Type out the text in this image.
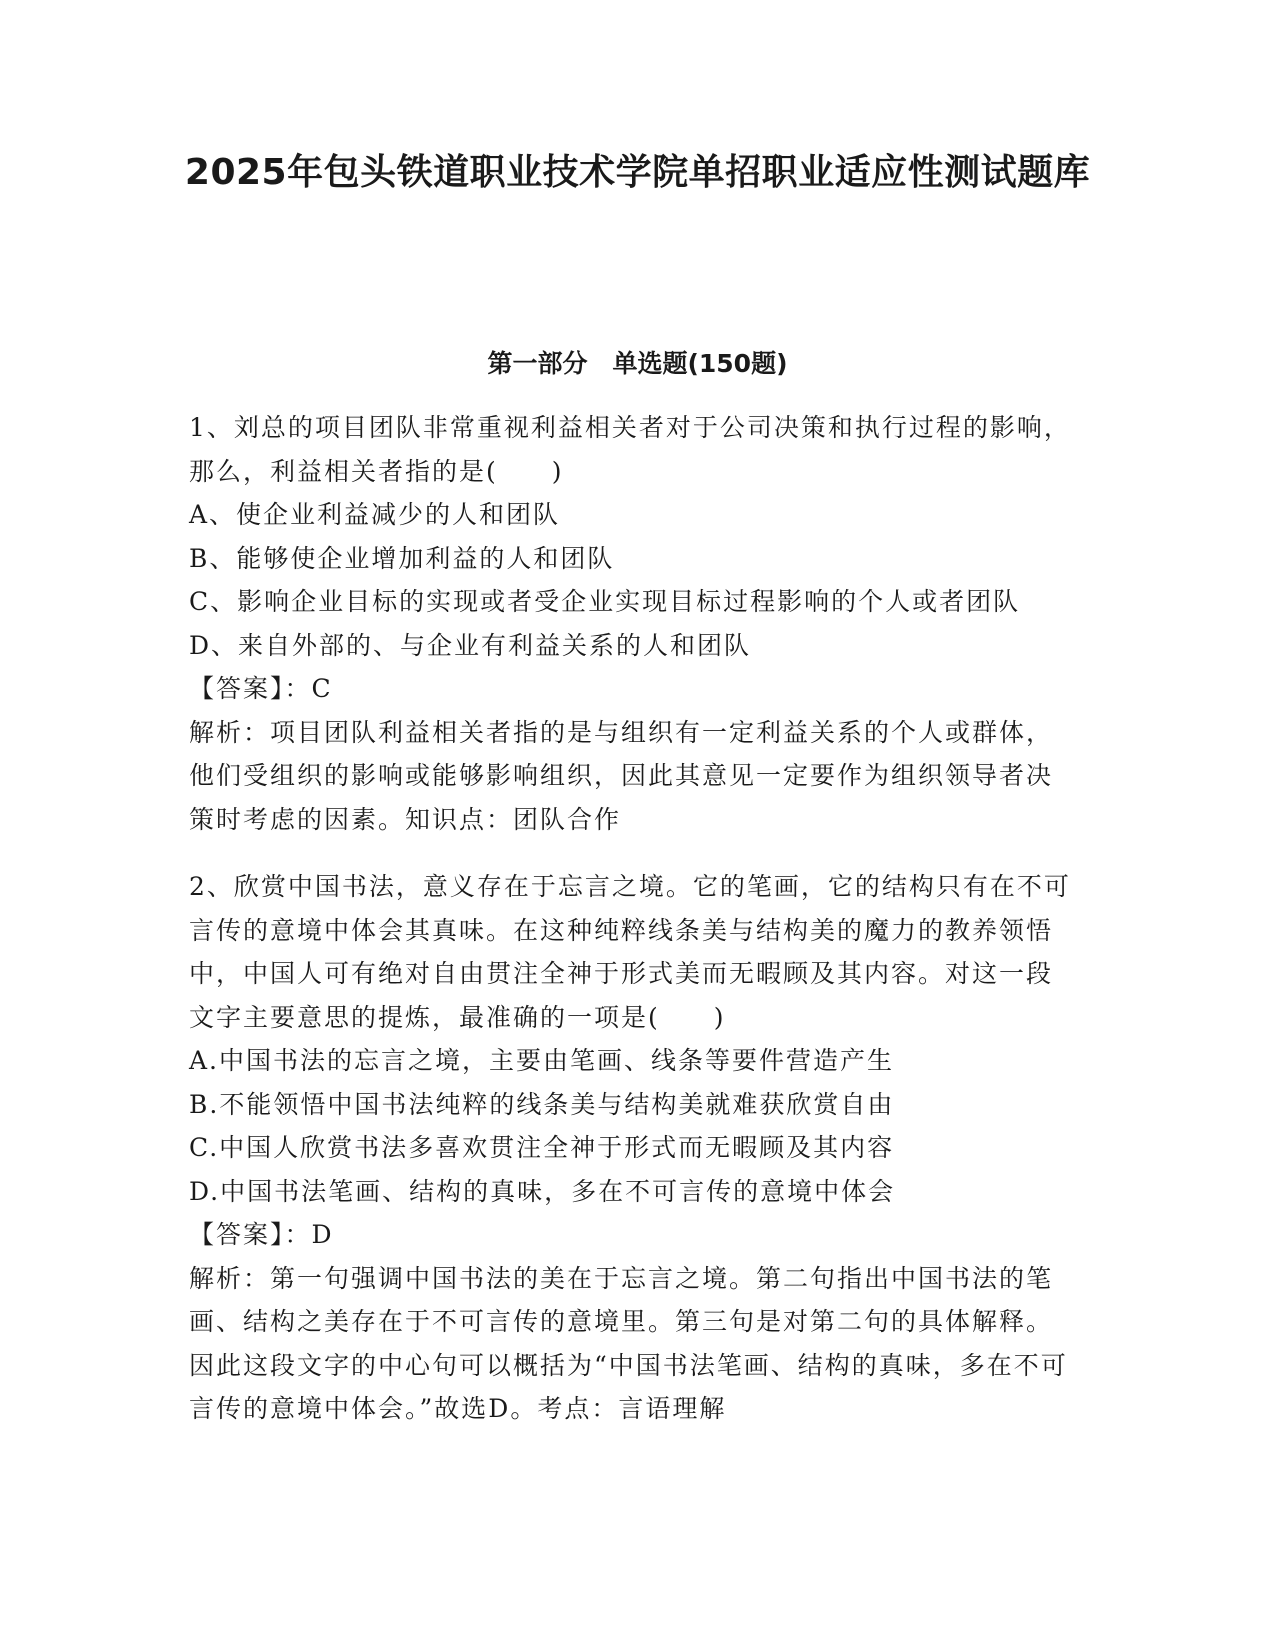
2025年包头铁道职业技术学院单招职业适应性测试题库
第一部分　单选题(150题)
1、刘总的项目团队非常重视利益相关者对于公司决策和执行过程的影响，那么，利益相关者指的是(　　)
A、使企业利益减少的人和团队
B、能够使企业增加利益的人和团队
C、影响企业目标的实现或者受企业实现目标过程影响的个人或者团队
D、来自外部的、与企业有利益关系的人和团队
【答案】：C
解析：项目团队利益相关者指的是与组织有一定利益关系的个人或群体，他们受组织的影响或能够影响组织，因此其意见一定要作为组织领导者决策时考虑的因素。知识点：团队合作
2、欣赏中国书法，意义存在于忘言之境。它的笔画，它的结构只有在不可言传的意境中体会其真味。在这种纯粹线条美与结构美的魔力的教养领悟中，中国人可有绝对自由贯注全神于形式美而无暇顾及其内容。对这一段文字主要意思的提炼，最准确的一项是(　　)
A.中国书法的忘言之境，主要由笔画、线条等要件营造产生
B.不能领悟中国书法纯粹的线条美与结构美就难获欣赏自由
C.中国人欣赏书法多喜欢贯注全神于形式而无暇顾及其内容
D.中国书法笔画、结构的真味，多在不可言传的意境中体会
【答案】：D
解析：第一句强调中国书法的美在于忘言之境。第二句指出中国书法的笔画、结构之美存在于不可言传的意境里。第三句是对第二句的具体解释。因此这段文字的中心句可以概括为“中国书法笔画、结构的真味，多在不可言传的意境中体会。”故选D。考点：言语理解
